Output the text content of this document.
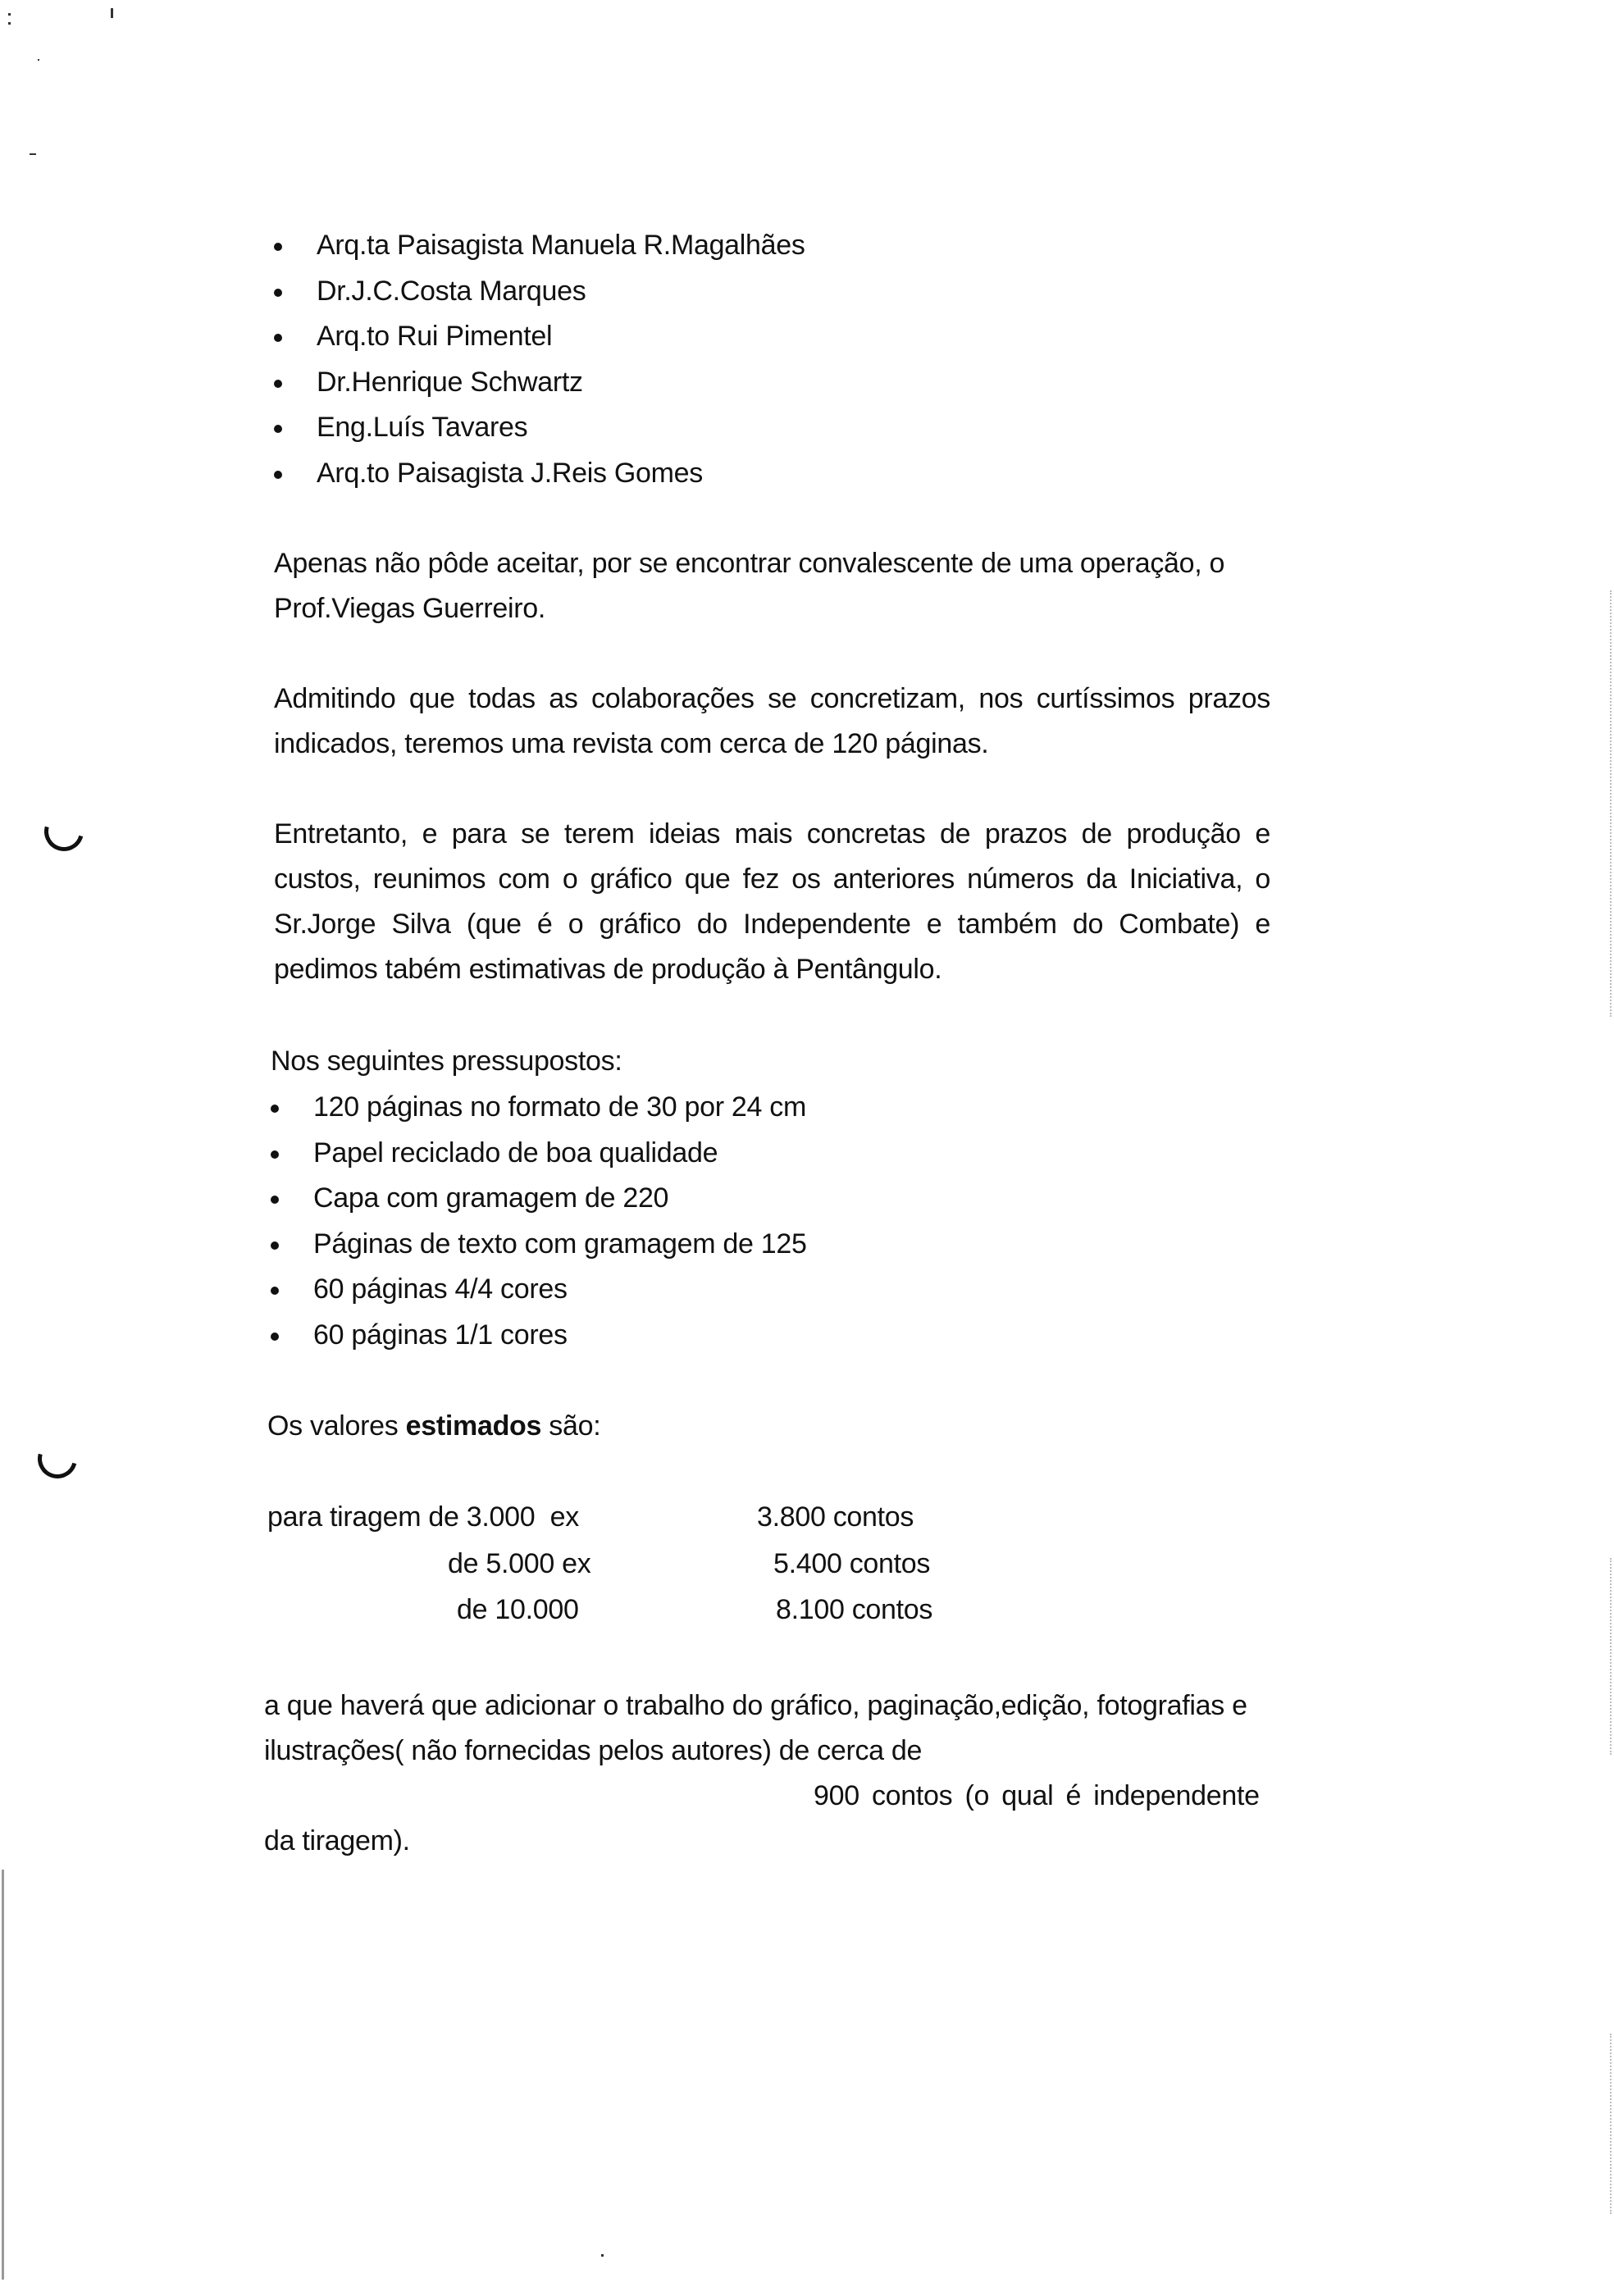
Arq.ta Paisagista Manuela R.Magalhães
Dr.J.C.Costa Marques
Arq.to Rui Pimentel
Dr.Henrique Schwartz
Eng.Luís Tavares
Arq.to Paisagista J.Reis Gomes
Apenas não pôde aceitar, por se encontrar convalescente de uma operação, o
Prof.Viegas Guerreiro.

Admitindo que todas as colaborações se concretizam, nos curtíssimos prazos indicados, teremos uma revista com cerca de 120 páginas.

Entretanto, e para se terem ideias mais concretas de prazos de produção e custos, reunimos com o gráfico que fez os anteriores números da Iniciativa, o Sr.Jorge Silva (que é o gráfico do Independente e também do Combate) e pedimos tabém estimativas de produção à Pentângulo.

Nos seguintes pressupostos:
120 páginas no formato de 30 por 24 cm
Papel reciclado de boa qualidade
Capa com gramagem de 220
Páginas de texto com gramagem de 125
60 páginas 4/4 cores
60 páginas 1/1 cores
Os valores estimados são:
para tiragem de 3.000  ex	3.800 contos
de 5.000 ex	5.400 contos
de 10.000	8.100 contos
a que haverá que adicionar o trabalho do gráfico, paginação,edição, fotografias e
ilustrações( não fornecidas pelos autores) de cerca de
900 contos (o qual é independente
da tiragem).
